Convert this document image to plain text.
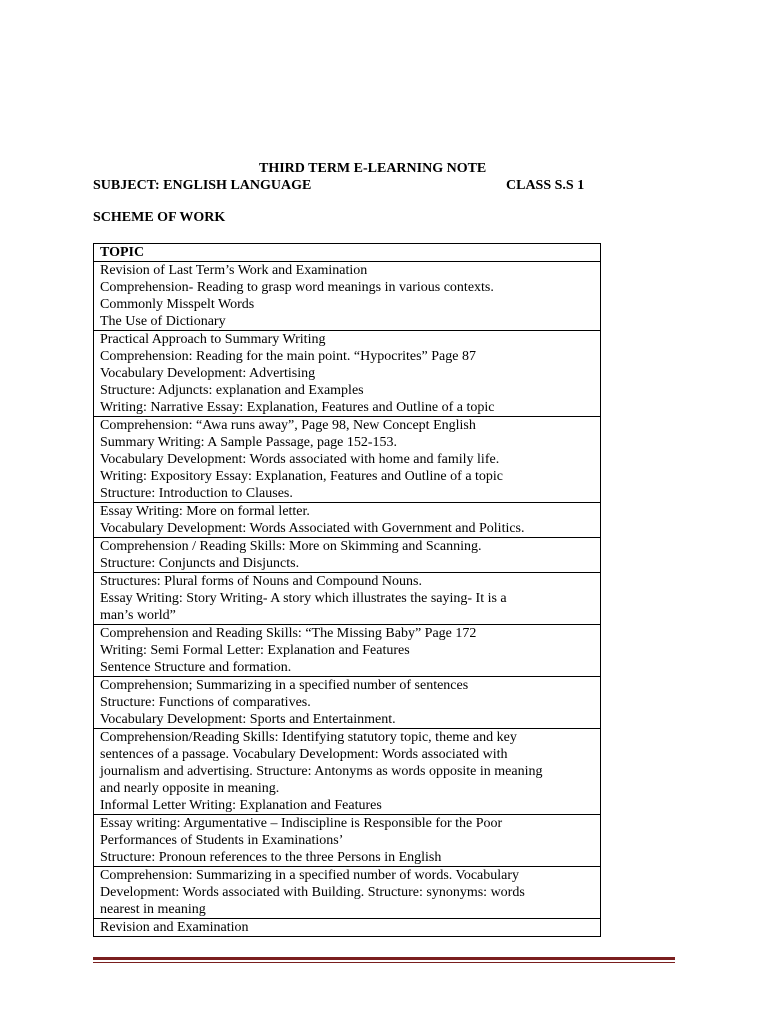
THIRD TERM E-LEARNING NOTE
SUBJECT: ENGLISH LANGUAGE	CLASS S.S 1
SCHEME OF WORK
TOPIC

Revision of Last Term’s Work and Examination
Comprehension- Reading to grasp word meanings in various contexts.
Commonly Misspelt Words
The Use of Dictionary

Practical Approach to Summary Writing
Comprehension: Reading for the main point. “Hypocrites” Page 87
Vocabulary Development: Advertising
Structure: Adjuncts: explanation and Examples
Writing: Narrative Essay: Explanation, Features and Outline of a topic

Comprehension: “Awa runs away”, Page 98, New Concept English
Summary Writing: A Sample Passage, page 152-153.
Vocabulary Development: Words associated with home and family life.
Writing: Expository Essay: Explanation, Features and Outline of a topic
Structure: Introduction to Clauses.

Essay Writing: More on formal letter.
Vocabulary Development: Words Associated with Government and Politics.

Comprehension / Reading Skills: More on Skimming and Scanning.
Structure: Conjuncts and Disjuncts.

Structures: Plural forms of Nouns and Compound Nouns.
Essay Writing: Story Writing- A story which illustrates the saying- It is a
man’s world”

Comprehension and Reading Skills: “The Missing Baby” Page 172
Writing: Semi Formal Letter: Explanation and Features
Sentence Structure and formation.

Comprehension; Summarizing in a specified number of sentences
Structure: Functions of comparatives.
Vocabulary Development: Sports and Entertainment.

Comprehension/Reading Skills: Identifying statutory topic, theme and key
sentences of a passage. Vocabulary Development: Words associated with
journalism and advertising. Structure: Antonyms as words opposite in meaning
and nearly opposite in meaning.
Informal Letter Writing: Explanation and Features

Essay writing: Argumentative – Indiscipline is Responsible for the Poor
Performances of Students in Examinations’
Structure: Pronoun references to the three Persons in English

Comprehension: Summarizing in a specified number of words. Vocabulary
Development: Words associated with Building. Structure: synonyms: words
nearest in meaning

Revision and Examination
